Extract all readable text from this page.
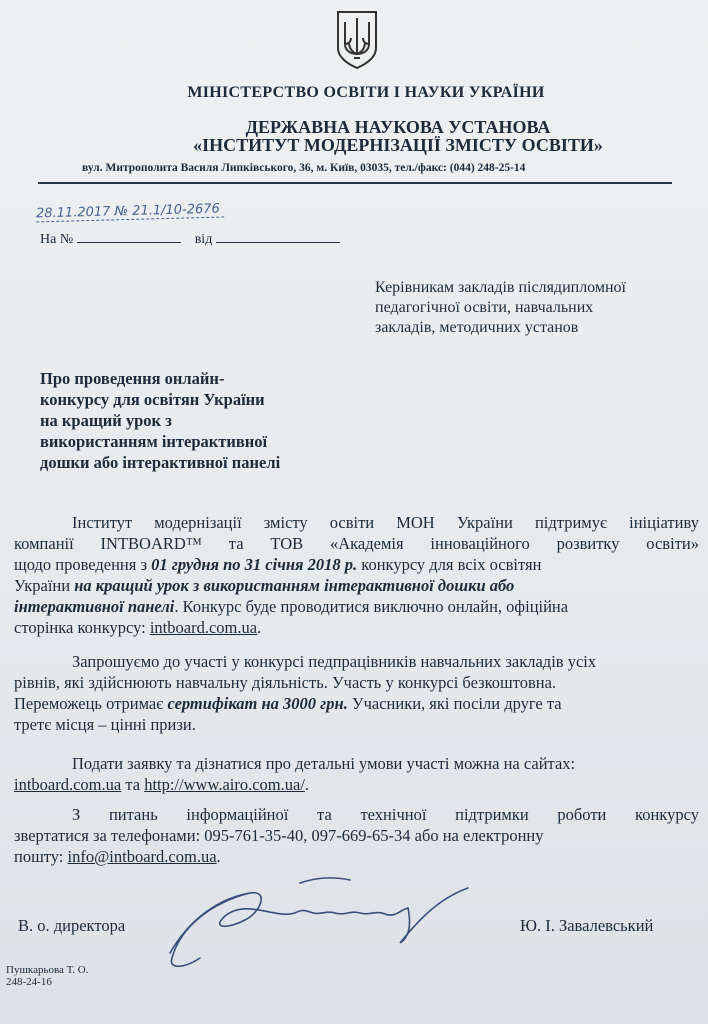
МІНІСТЕРСТВО ОСВІТИ І НАУКИ УКРАЇНИ
ДЕРЖАВНА НАУКОВА УСТАНОВА
«ІНСТИТУТ МОДЕРНІЗАЦІЇ ЗМІСТУ ОСВІТИ»
вул. Митрополита Василя Липківського, 36, м. Київ, 03035, тел./факс: (044) 248-25-14
28.11.2017 № 21.1/10-2676
На №	від
Керівникам закладів післядипломної
педагогічної освіти, навчальних
закладів, методичних установ
Про проведення онлайн-
конкурсу для освітян України
на кращий урок з
використанням інтерактивної
дошки або інтерактивної панелі
Інститут модернізації змісту освіти МОН України підтримує ініціативу
компанії INTBOARD™ та ТОВ «Академія інноваційного розвитку освіти»
щодо проведення з 01 грудня по 31 січня 2018 р. конкурсу для всіх освітян
України на кращий урок з використанням інтерактивної дошки або
інтерактивної панелі. Конкурс буде проводитися виключно онлайн, офіційна
сторінка конкурсу: intboard.com.ua.
Запрошуємо до участі у конкурсі педпрацівників навчальних закладів усіх
рівнів, які здійснюють навчальну діяльність. Участь у конкурсі безкоштовна.
Переможець отримає сертифікат на 3000 грн. Учасники, які посіли друге та
третє місця – цінні призи.
Подати заявку та дізнатися про детальні умови участі можна на сайтах:
intboard.com.ua та http://www.airo.com.ua/.
З питань інформаційної та технічної підтримки роботи конкурсу
звертатися за телефонами: 095-761-35-40, 097-669-65-34 або на електронну
пошту: info@intboard.com.ua.
В. о. директора	Ю. І. Завалевський
Пушкарьова Т. О.
248-24-16
